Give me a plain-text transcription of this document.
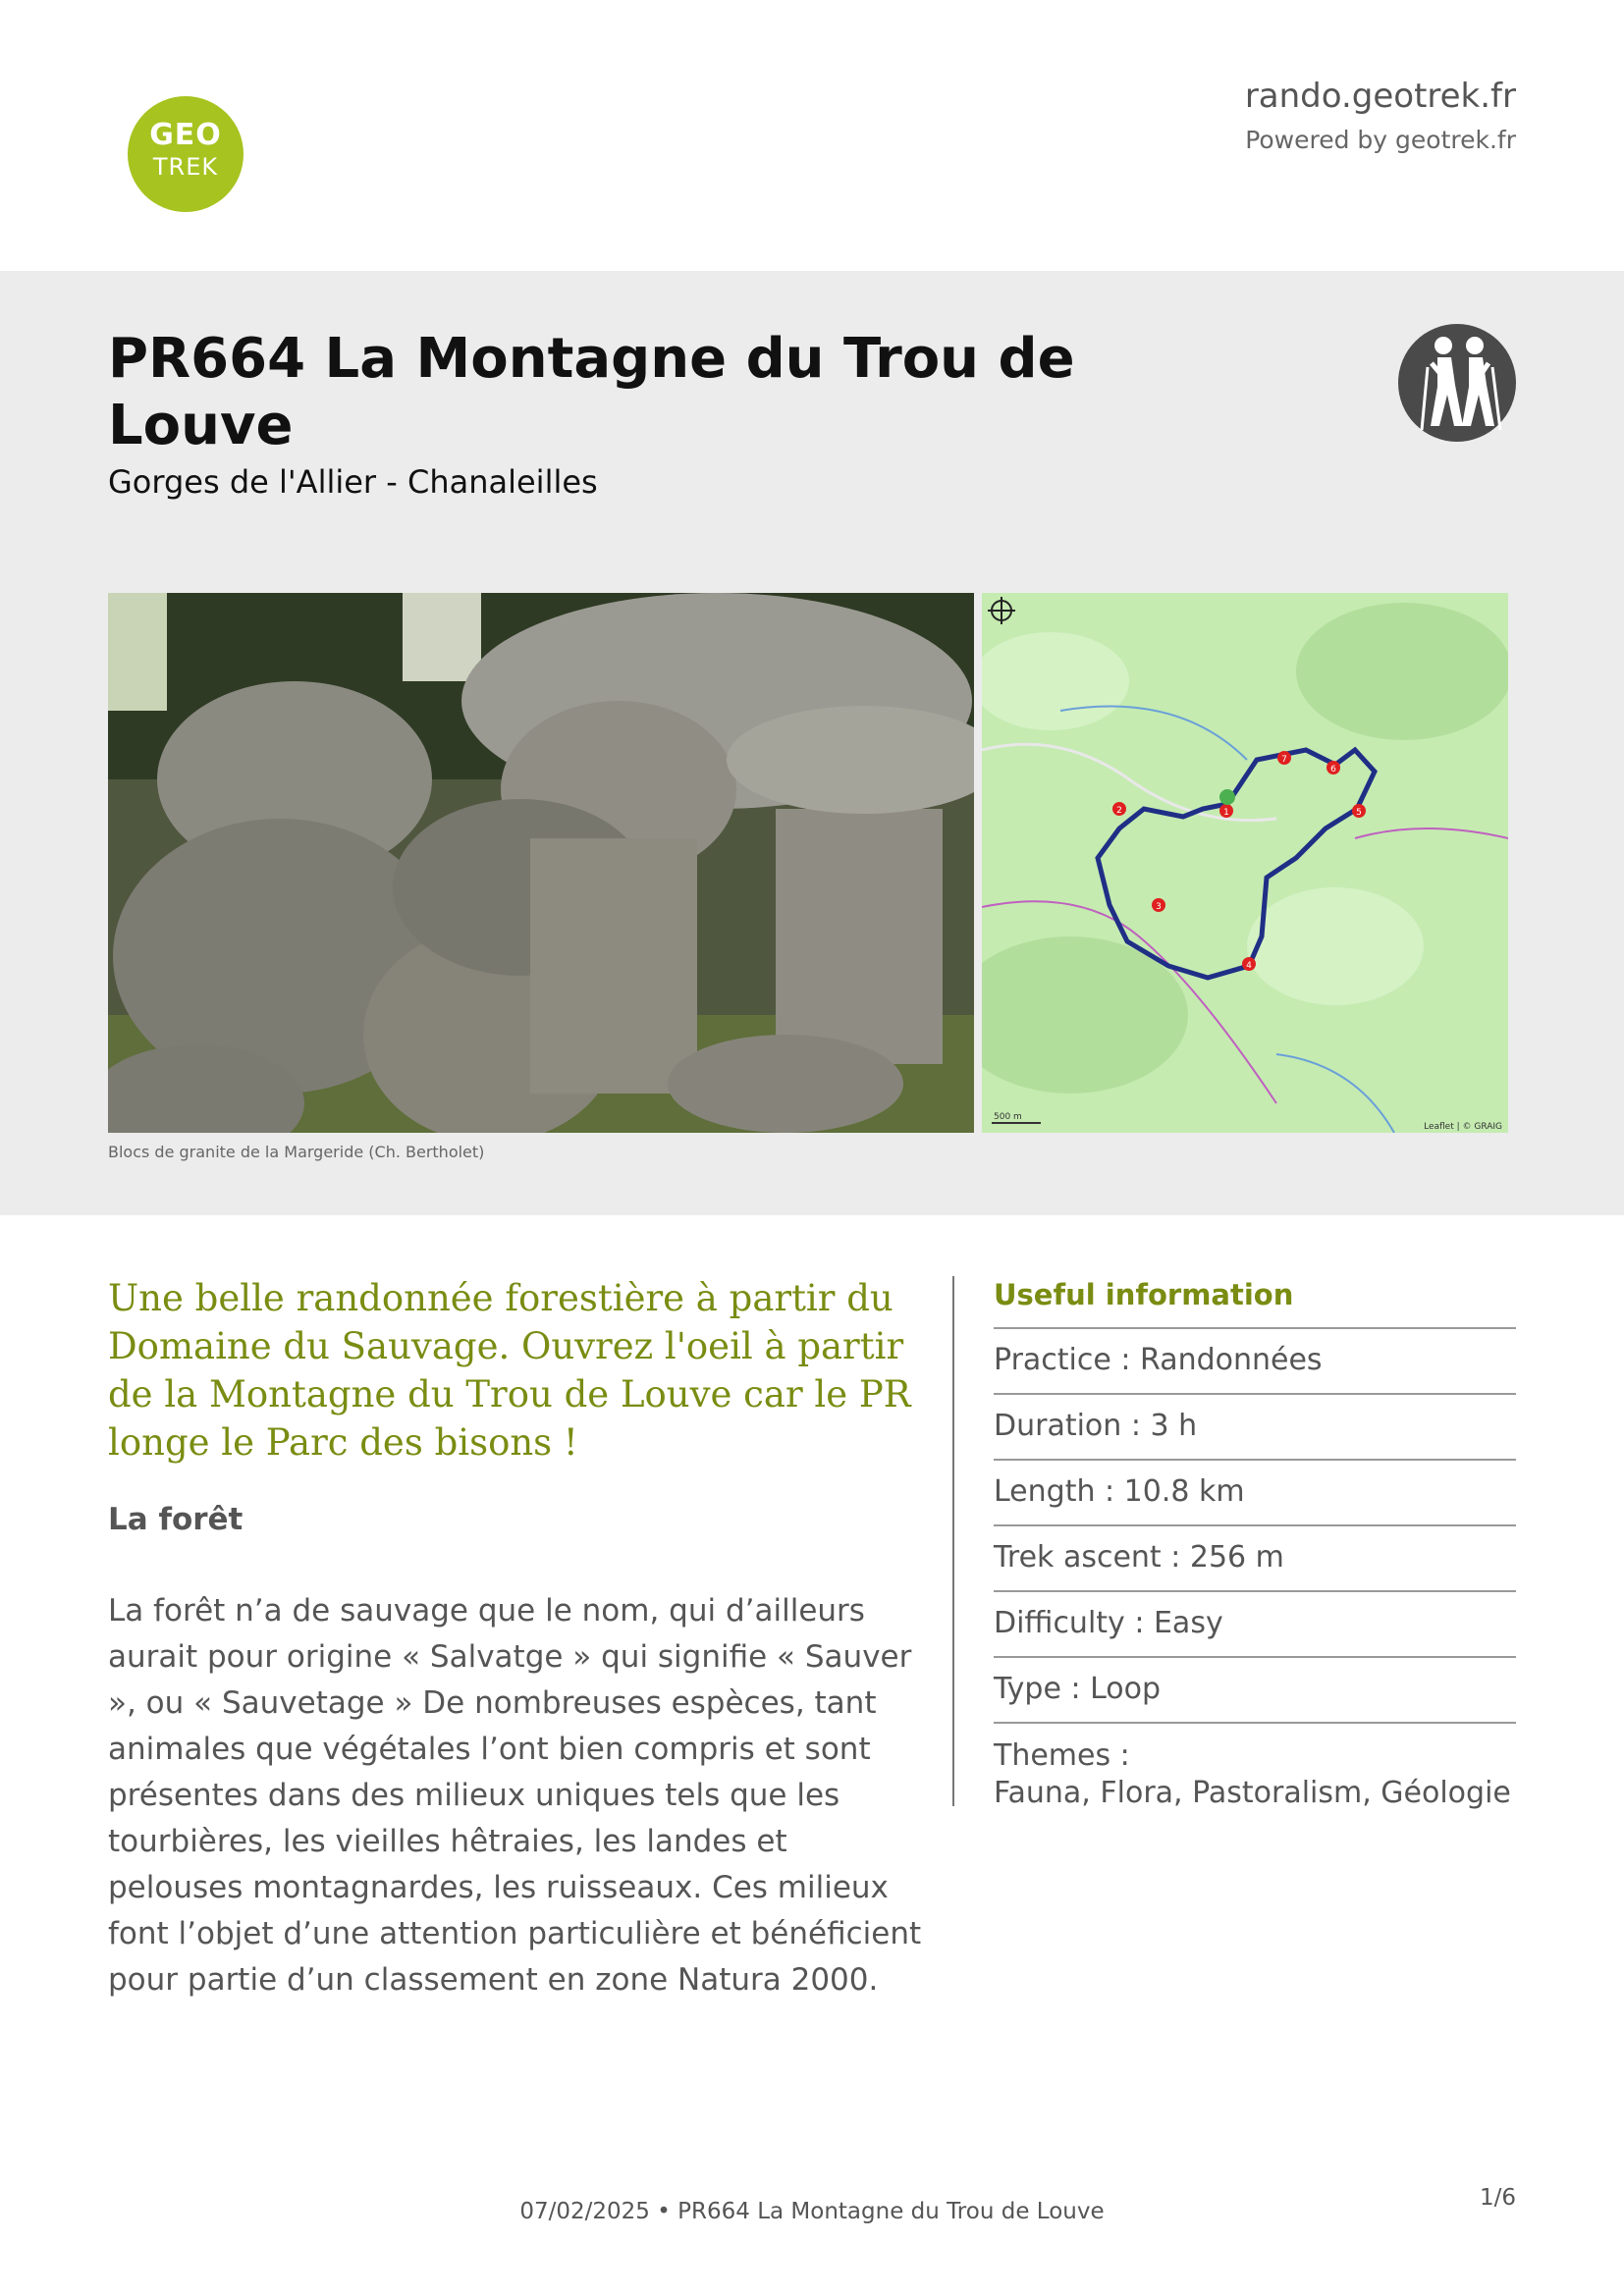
GEO
TREK
rando.geotrek.fr
Powered by geotrek.fr
PR664 La Montagne du Trou de Louve
Gorges de l'Allier - Chanaleilles
1
2
3
4
5
6
7
500 m
Leaflet | © GRAIG
Blocs de granite de la Margeride (Ch. Bertholet)
Une belle randonnée forestière à partir du Domaine du Sauvage. Ouvrez l'oeil à partir de la Montagne du Trou de Louve car le PR longe le Parc des bisons !
La forêt
La forêt n’a de sauvage que le nom, qui d’ailleurs aurait pour origine « Salvatge » qui signifie « Sauver », ou « Sauvetage » De nombreuses espèces, tant animales que végétales l’ont bien compris et sont présentes dans des milieux uniques tels que les tourbières, les vieilles hêtraies, les landes et pelouses montagnardes, les ruisseaux. Ces milieux font l’objet d’une attention particulière et bénéficient pour partie d’un classement en zone Natura 2000.
Useful information
Practice : Randonnées
Duration : 3 h
Length : 10.8 km
Trek ascent : 256 m
Difficulty : Easy
Type : Loop
Themes :
Fauna, Flora, Pastoralism, Géologie
07/02/2025 • PR664 La Montagne du Trou de Louve
1/6
